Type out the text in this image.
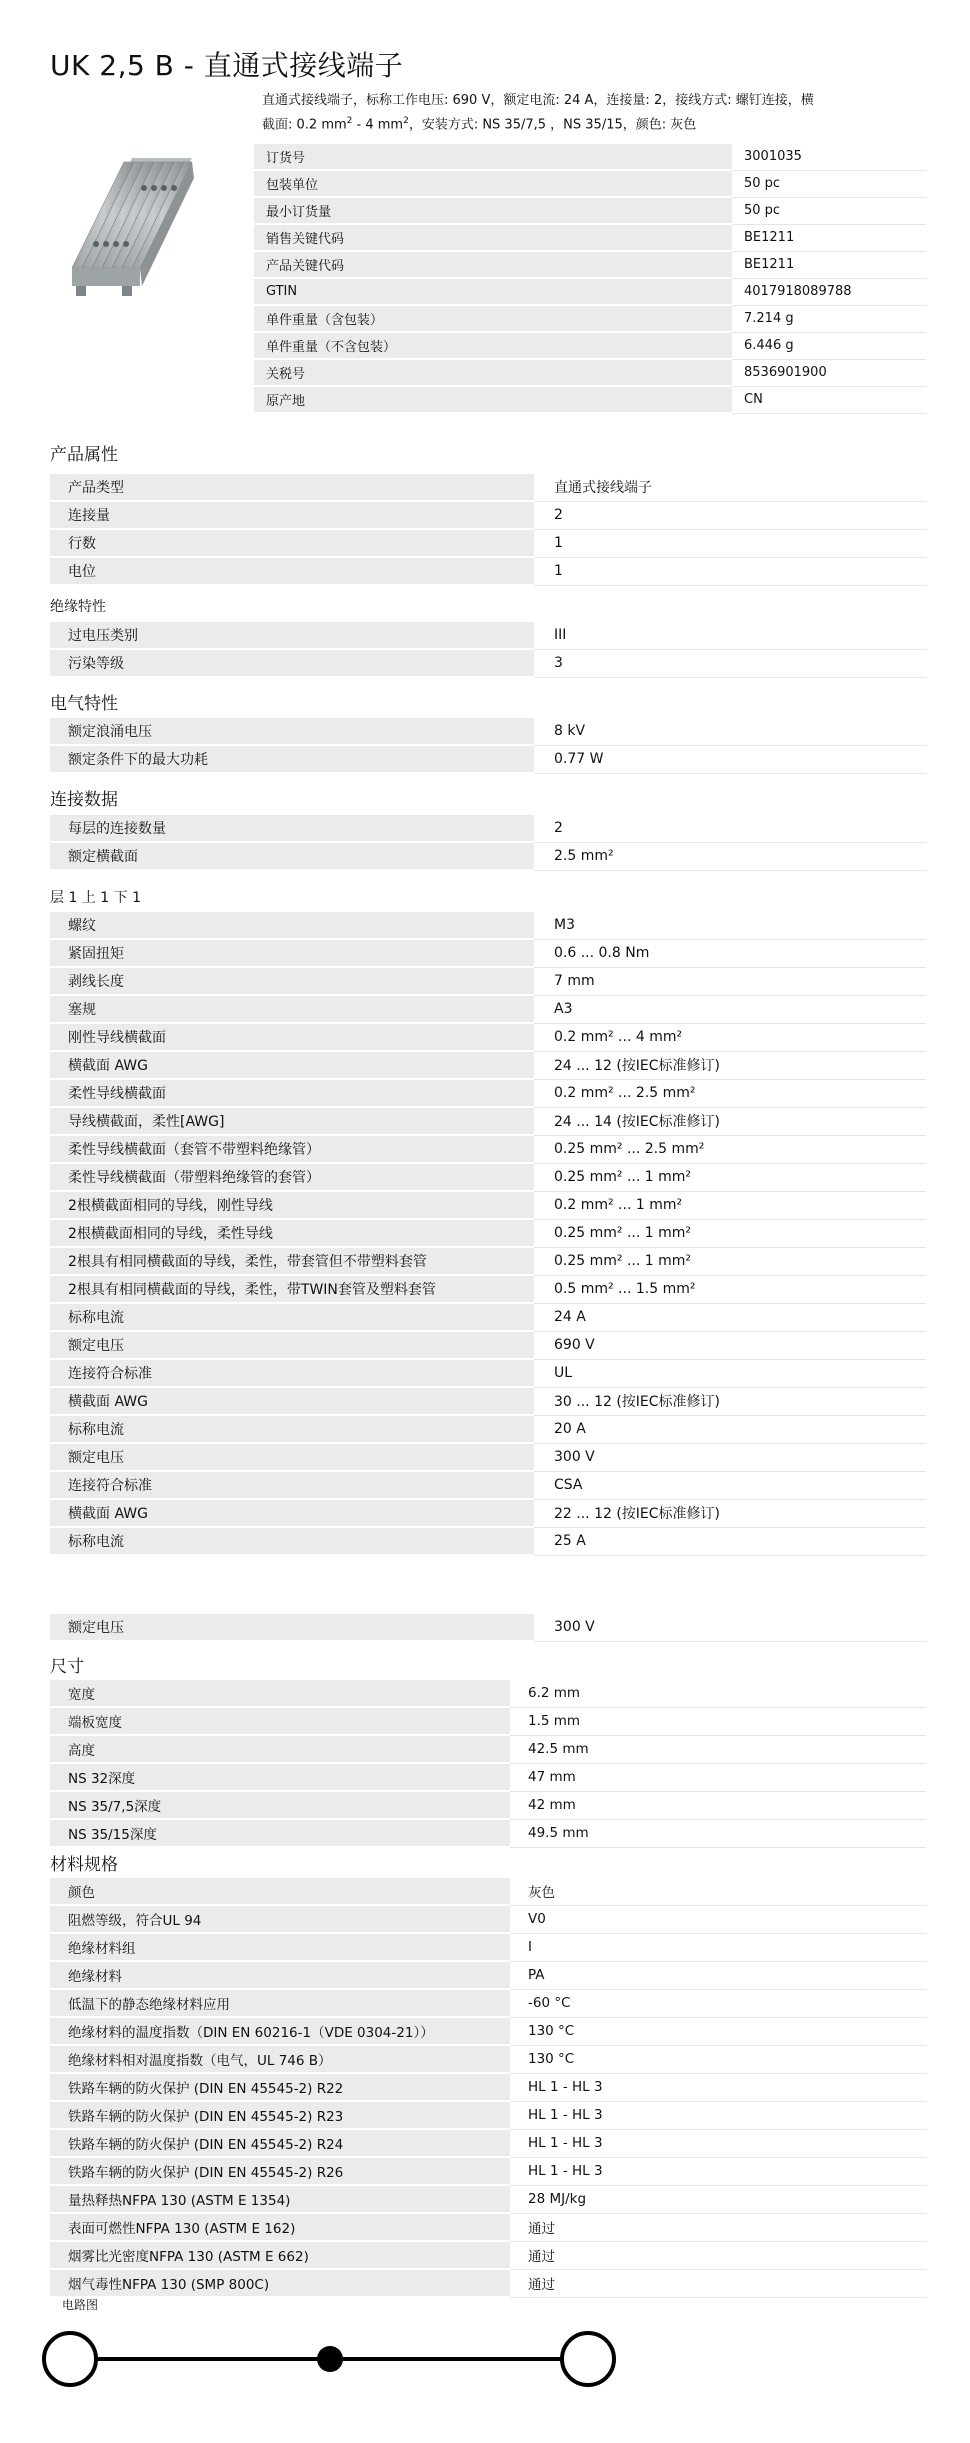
UK 2,5 B - 直通式接线端子
直通式接线端子，标称工作电压: 690 V，额定电流: 24 A，连接量: 2，接线方式: 螺钉连接，横
截面: 0.2 $mm^2 - 4$ $mm^2$，安装方式: NS 35/7,5 ，NS 35/15，颜色: 灰色
订货号	3001035
包装单位	50 pc
最小订货量	50 pc
销售关键代码	BE1211
产品关键代码	BE1211
GTIN	4017918089788
单件重量（含包装）	7.214 g
单件重量（不含包装）	6.446 g
关税号	8536901900
原产地	CN
产品属性
产品类型	直通式接线端子
连接量	2
行数	1
电位	1
绝缘特性
过电压类别	III
污染等级	3
电气特性
额定浪涌电压	8 kV
额定条件下的最大功耗	0.77 W
连接数据
每层的连接数量	2
额定横截面	2.5 mm²
层 1 上 1 下 1
螺纹	M3
紧固扭矩	0.6 ... 0.8 Nm
剥线长度	7 mm
塞规	A3
刚性导线横截面	0.2 mm² ... 4 mm²
横截面 AWG	24 ... 12 (按IEC标准修订)
柔性导线横截面	0.2 mm² ... 2.5 mm²
导线横截面，柔性[AWG]	24 ... 14 (按IEC标准修订)
柔性导线横截面（套管不带塑料绝缘管）	0.25 mm² ... 2.5 mm²
柔性导线横截面（带塑料绝缘管的套管）	0.25 mm² ... 1 mm²
2根横截面相同的导线，刚性导线	0.2 mm² ... 1 mm²
2根横截面相同的导线，柔性导线	0.25 mm² ... 1 mm²
2根具有相同横截面的导线，柔性，带套管但不带塑料套管	0.25 mm² ... 1 mm²
2根具有相同横截面的导线，柔性，带TWIN套管及塑料套管	0.5 mm² ... 1.5 mm²
标称电流	24 A
额定电压	690 V
连接符合标准	UL
横截面 AWG	30 ... 12 (按IEC标准修订)
标称电流	20 A
额定电压	300 V
连接符合标准	CSA
横截面 AWG	22 ... 12 (按IEC标准修订)
标称电流	25 A
额定电压	300 V
尺寸
宽度	6.2 mm
端板宽度	1.5 mm
高度	42.5 mm
NS 32深度	47 mm
NS 35/7,5深度	42 mm
NS 35/15深度	49.5 mm
材料规格
颜色	灰色
阻燃等级，符合UL 94	V0
绝缘材料组	I
绝缘材料	PA
低温下的静态绝缘材料应用	-60 °C
绝缘材料的温度指数（DIN EN 60216-1（VDE 0304-21））	130 °C
绝缘材料相对温度指数（电气，UL 746 B）	130 °C
铁路车辆的防火保护 (DIN EN 45545-2) R22	HL 1 - HL 3
铁路车辆的防火保护 (DIN EN 45545-2) R23	HL 1 - HL 3
铁路车辆的防火保护 (DIN EN 45545-2) R24	HL 1 - HL 3
铁路车辆的防火保护 (DIN EN 45545-2) R26	HL 1 - HL 3
量热释热NFPA 130 (ASTM E 1354)	28 MJ/kg
表面可燃性NFPA 130 (ASTM E 162)	通过
烟雾比光密度NFPA 130 (ASTM E 662)	通过
烟气毒性NFPA 130 (SMP 800C)	通过
电路图
